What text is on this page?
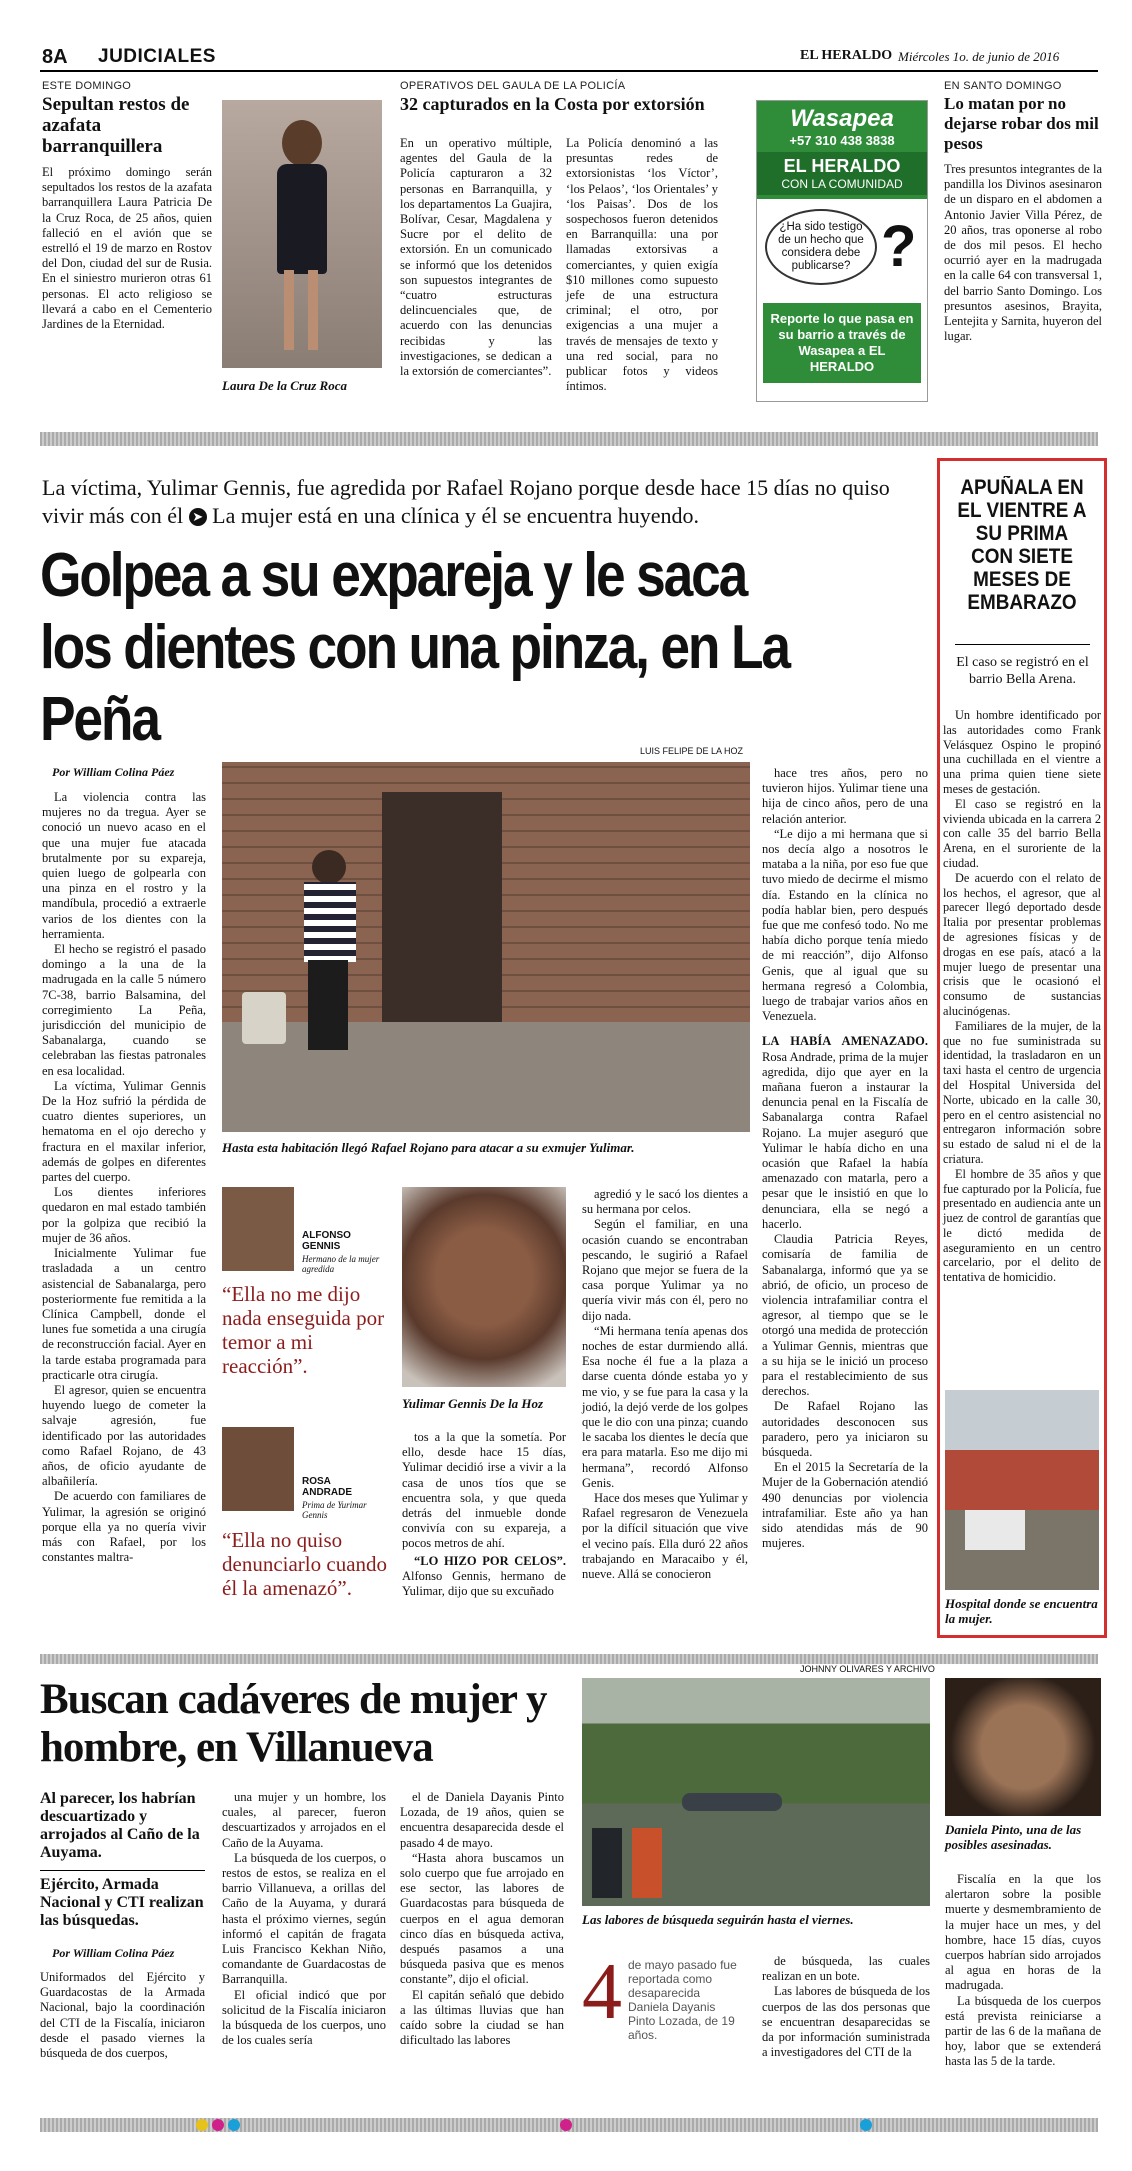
8A JUDICIALES	EL HERALDO Miércoles 1o. de junio de 2016
ESTE DOMINGO
Sepultan restos de azafata barranquillera
El próximo domingo serán sepultados los restos de la azafata barranquillera Laura Patricia De la Cruz Roca, de 25 años, quien falleció en el avión que se estrelló el 19 de marzo en Rostov del Don, ciudad del sur de Rusia. En el siniestro murieron otras 61 personas. El acto religioso se llevará a cabo en el Cementerio Jardines de la Eternidad.
Laura De la Cruz Roca
OPERATIVOS DEL GAULA DE LA POLICÍA
32 capturados en la Costa por extorsión
En un operativo múltiple, agentes del Gaula de la Policía capturaron a 32 personas en Barranquilla, y los departamentos La Guajira, Bolívar, Cesar, Magdalena y Sucre por el delito de extorsión. En un comunicado se informó que los detenidos son supuestos integrantes de “cuatro estructuras delincuenciales que, de acuerdo con las denuncias recibidas y las investigaciones, se dedican a la extorsión de comerciantes”.
La Policía denominó a las presuntas redes de extorsionistas ‘los Víctor’, ‘los Pelaos’, ‘los Orientales’ y ‘los Paisas’. Dos de los sospechosos fueron detenidos en Barranquilla: una por llamadas extorsivas a comerciantes, y quien exigía $10 millones como supuesto jefe de una estructura criminal; el otro, por exigencias a una mujer a través de mensajes de texto y una red social, para no publicar fotos y videos íntimos.
Wasapea
+57 310 438 3838
EL HERALDO
CON LA COMUNIDAD
¿Ha sido testigo de un hecho que considera debe publicarse? ?
Reporte lo que pasa en su barrio a través de Wasapea a EL HERALDO
EN SANTO DOMINGO
Lo matan por no dejarse robar dos mil pesos
Tres presuntos integrantes de la pandilla los Divinos asesinaron de un disparo en el abdomen a Antonio Javier Villa Pérez, de 20 años, tras oponerse al robo de dos mil pesos. El hecho ocurrió ayer en la madrugada en la calle 64 con transversal 1, del barrio Santo Domingo. Los presuntos asesinos, Brayita, Lentejita y Sarnita, huyeron del lugar.
La víctima, Yulimar Gennis, fue agredida por Rafael Rojano porque desde hace 15 días no quiso vivir más con él ➤ La mujer está en una clínica y él se encuentra huyendo.
Golpea a su expareja y le saca los dientes con una pinza, en La Peña
Por William Colina Páez

La violencia contra las mujeres no da tregua. Ayer se conoció un nuevo acaso en el que una mujer fue atacada brutalmente por su expareja, quien luego de golpearla con una pinza en el rostro y la mandíbula, procedió a extraerle varios de los dientes con la herramienta.

El hecho se registró el pasado domingo a la una de la madrugada en la calle 5 número 7C-38, barrio Balsamina, del corregimiento La Peña, jurisdicción del municipio de Sabanalarga, cuando se celebraban las fiestas patronales en esa localidad.

La víctima, Yulimar Gennis De la Hoz sufrió la pérdida de cuatro dientes superiores, un hematoma en el ojo derecho y fractura en el maxilar inferior, además de golpes en diferentes partes del cuerpo.

Los dientes inferiores quedaron en mal estado también por la golpiza que recibió la mujer de 36 años.

Inicialmente Yulimar fue trasladada a un centro asistencial de Sabanalarga, pero posteriormente fue remitida a la Clínica Campbell, donde el lunes fue sometida a una cirugía de reconstrucción facial. Ayer en la tarde estaba programada para practicarle otra cirugía.

El agresor, quien se encuentra huyendo luego de cometer la salvaje agresión, fue identificado por las autoridades como Rafael Rojano, de 43 años, de oficio ayudante de albañilería.

De acuerdo con familiares de Yulimar, la agresión se originó porque ella ya no quería vivir más con Rafael, por los constantes maltra-

LUIS FELIPE DE LA HOZ
Hasta esta habitación llegó Rafael Rojano para atacar a su exmujer Yulimar.
ALFONSO GENNIS
Hermano de la mujer agredida
“Ella no me dijo nada enseguida por temor a mi reacción”.
ROSA ANDRADE
Prima de Yurimar Gennis
“Ella no quiso denunciarlo cuando él la amenazó”.
Yulimar Gennis De la Hoz

tos a la que la sometía. Por ello, desde hace 15 días, Yulimar decidió irse a vivir a la casa de unos tíos que se encuentra sola, y que queda detrás del inmueble donde convivía con su expareja, a pocos metros de ahí.

“LO HIZO POR CELOS”. Alfonso Gennis, hermano de Yulimar, dijo que su excuñado

agredió y le sacó los dientes a su hermana por celos.

Según el familiar, en una ocasión cuando se encontraban pescando, le sugirió a Rafael Rojano que mejor se fuera de la casa porque Yulimar ya no quería vivir más con él, pero no dijo nada.

“Mi hermana tenía apenas dos noches de estar durmiendo allá. Esa noche él fue a la plaza a darse cuenta dónde estaba yo y me vio, y se fue para la casa y la jodió, la dejó verde de los golpes que le dio con una pinza; cuando le sacaba los dientes le decía que era para matarla. Eso me dijo mi hermana”, recordó Alfonso Genis.

Hace dos meses que Yulimar y Rafael regresaron de Venezuela por la difícil situación que vive el vecino país. Ella duró 22 años trabajando en Maracaibo y él, nueve. Allá se conocieron

hace tres años, pero no tuvieron hijos. Yulimar tiene una hija de cinco años, pero de una relación anterior.

“Le dijo a mi hermana que si nos decía algo a nosotros le mataba a la niña, por eso fue que tuvo miedo de decirme el mismo día. Estando en la clínica no podía hablar bien, pero después fue que me confesó todo. No me había dicho porque tenía miedo de mi reacción”, dijo Alfonso Genis, que al igual que su hermana regresó a Colombia, luego de trabajar varios años en Venezuela.

LA HABÍA AMENAZADO. Rosa Andrade, prima de la mujer agredida, dijo que ayer en la mañana fueron a instaurar la denuncia penal en la Fiscalía de Sabanalarga contra Rafael Rojano. La mujer aseguró que Yulimar le había dicho en una ocasión que Rafael la había amenazado con matarla, pero a pesar que le insistió en que lo denunciara, ella se negó a hacerlo.

Claudia Patricia Reyes, comisaría de familia de Sabanalarga, informó que ya se abrió, de oficio, un proceso de violencia intrafamiliar contra el agresor, al tiempo que se le otorgó una medida de protección a Yulimar Gennis, mientras que a su hija se le inició un proceso para el restablecimiento de sus derechos.

De Rafael Rojano las autoridades desconocen sus paradero, pero ya iniciaron su búsqueda.

En el 2015 la Secretaría de la Mujer de la Gobernación atendió 490 denuncias por violencia intrafamiliar. Este año ya han sido atendidas más de 90 mujeres.

APUÑALA EN EL VIENTRE A SU PRIMA CON SIETE MESES DE EMBARAZO
El caso se registró en el barrio Bella Arena.

Un hombre identificado por las autoridades como Frank Velásquez Ospino le propinó una cuchillada en el vientre a una prima quien tiene siete meses de gestación.

El caso se registró en la vivienda ubicada en la carrera 2 con calle 35 del barrio Bella Arena, en el suroriente de la ciudad.

De acuerdo con el relato de los hechos, el agresor, que al parecer llegó deportado desde Italia por presentar problemas de agresiones físicas y de drogas en ese país, atacó a la mujer luego de presentar una crisis que le ocasionó el consumo de sustancias alucinógenas.

Familiares de la mujer, de la que no fue suministrada su identidad, la trasladaron en un taxi hasta el centro de urgencia del Hospital Universida del Norte, ubicado en la calle 30, pero en el centro asistencial no entregaron información sobre su estado de salud ni el de la criatura.

El hombre de 35 años y que fue capturado por la Policía, fue presentado en audiencia ante un juez de control de garantías que le dictó medida de aseguramiento en un centro carcelario, por el delito de tentativa de homicidio.

Hospital donde se encuentra la mujer.
Buscan cadáveres de mujer y hombre, en Villanueva
Al parecer, los habrían descuartizado y arrojados al Caño de la Auyama.
Ejército, Armada Nacional y CTI realizan las búsquedas.
Por William Colina Páez
Uniformados del Ejército y Guardacostas de la Armada Nacional, bajo la coordinación del CTI de la Fiscalía, iniciaron desde el pasado viernes la búsqueda de dos cuerpos,

una mujer y un hombre, los cuales, al parecer, fueron descuartizados y arrojados en el Caño de la Auyama.

La búsqueda de los cuerpos, o restos de estos, se realiza en el barrio Villanueva, a orillas del Caño de la Auyama, y durará hasta el próximo viernes, según informó el capitán de fragata Luis Francisco Kekhan Niño, comandante de Guardacostas de Barranquilla.

El oficial indicó que por solicitud de la Fiscalía iniciaron la búsqueda de los cuerpos, uno de los cuales sería

el de Daniela Dayanis Pinto Lozada, de 19 años, quien se encuentra desaparecida desde el pasado 4 de mayo.

“Hasta ahora buscamos un solo cuerpo que fue arrojado en ese sector, las labores de Guardacostas para búsqueda de cuerpos en el agua demoran cinco días en búsqueda activa, después pasamos a una búsqueda pasiva que es menos constante”, dijo el oficial.

El capitán señaló que debido a las últimas lluvias que han caído sobre la ciudad se han dificultado las labores

JOHNNY OLIVARES Y ARCHIVO
Las labores de búsqueda seguirán hasta el viernes.
4 de mayo pasado fue reportada como desaparecida Daniela Dayanis Pinto Lozada, de 19 años.

de búsqueda, las cuales realizan en un bote.

Las labores de búsqueda de los cuerpos de las dos personas que se encuentran desaparecidas se da por información suministrada a investigadores del CTI de la

Daniela Pinto, una de las posibles asesinadas.

Fiscalía en la que los alertaron sobre la posible muerte y desmembramiento de la mujer hace un mes, y del hombre, hace 15 días, cuyos cuerpos habrían sido arrojados al agua en horas de la madrugada.

La búsqueda de los cuerpos está prevista reiniciarse a partir de las 6 de la mañana de hoy, labor que se extenderá hasta las 5 de la tarde.
